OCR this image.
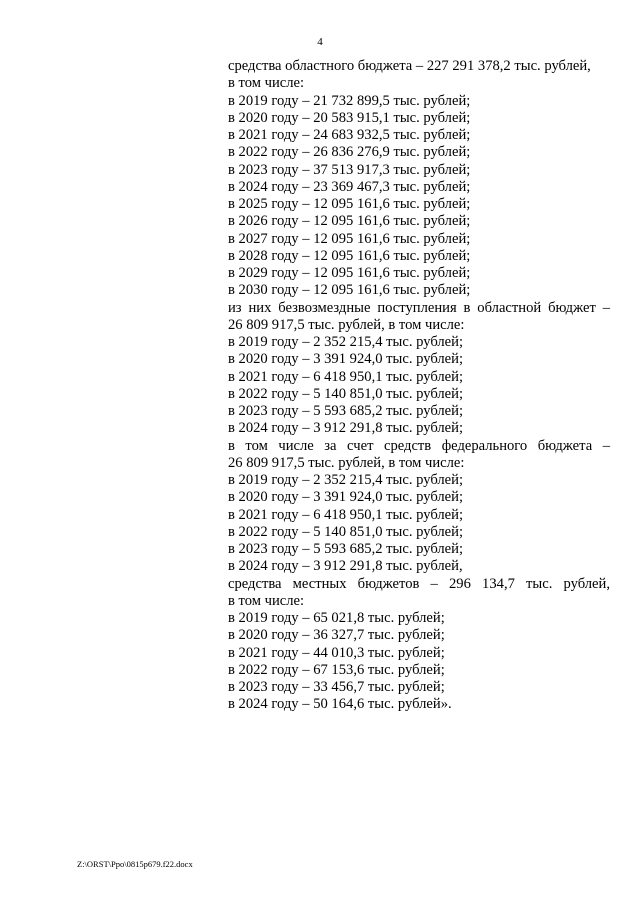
4
средства областного бюджета – 227 291 378,2 тыс. рублей,
в том числе:
в 2019 году – 21 732 899,5 тыс. рублей;
в 2020 году – 20 583 915,1 тыс. рублей;
в 2021 году – 24 683 932,5 тыс. рублей;
в 2022 году – 26 836 276,9 тыс. рублей;
в 2023 году – 37 513 917,3 тыс. рублей;
в 2024 году – 23 369 467,3 тыс. рублей;
в 2025 году – 12 095 161,6 тыс. рублей;
в 2026 году – 12 095 161,6 тыс. рублей;
в 2027 году – 12 095 161,6 тыс. рублей;
в 2028 году – 12 095 161,6 тыс. рублей;
в 2029 году – 12 095 161,6 тыс. рублей;
в 2030 году – 12 095 161,6 тыс. рублей;
из них безвозмездные поступления в областной бюджет –
26 809 917,5 тыс. рублей, в том числе:
в 2019 году – 2 352 215,4 тыс. рублей;
в 2020 году – 3 391 924,0 тыс. рублей;
в 2021 году – 6 418 950,1 тыс. рублей;
в 2022 году – 5 140 851,0 тыс. рублей;
в 2023 году – 5 593 685,2 тыс. рублей;
в 2024 году – 3 912 291,8 тыс. рублей;
в том числе за счет средств федерального бюджета –
26 809 917,5 тыс. рублей, в том числе:
в 2019 году – 2 352 215,4 тыс. рублей;
в 2020 году – 3 391 924,0 тыс. рублей;
в 2021 году – 6 418 950,1 тыс. рублей;
в 2022 году – 5 140 851,0 тыс. рублей;
в 2023 году – 5 593 685,2 тыс. рублей;
в 2024 году – 3 912 291,8 тыс. рублей,
средства местных бюджетов – 296 134,7 тыс. рублей,
в том числе:
в 2019 году – 65 021,8 тыс. рублей;
в 2020 году – 36 327,7 тыс. рублей;
в 2021 году – 44 010,3 тыс. рублей;
в 2022 году – 67 153,6 тыс. рублей;
в 2023 году – 33 456,7 тыс. рублей;
в 2024 году – 50 164,6 тыс. рублей».
Z:\ORST\Ppo\0815p679.f22.docx
